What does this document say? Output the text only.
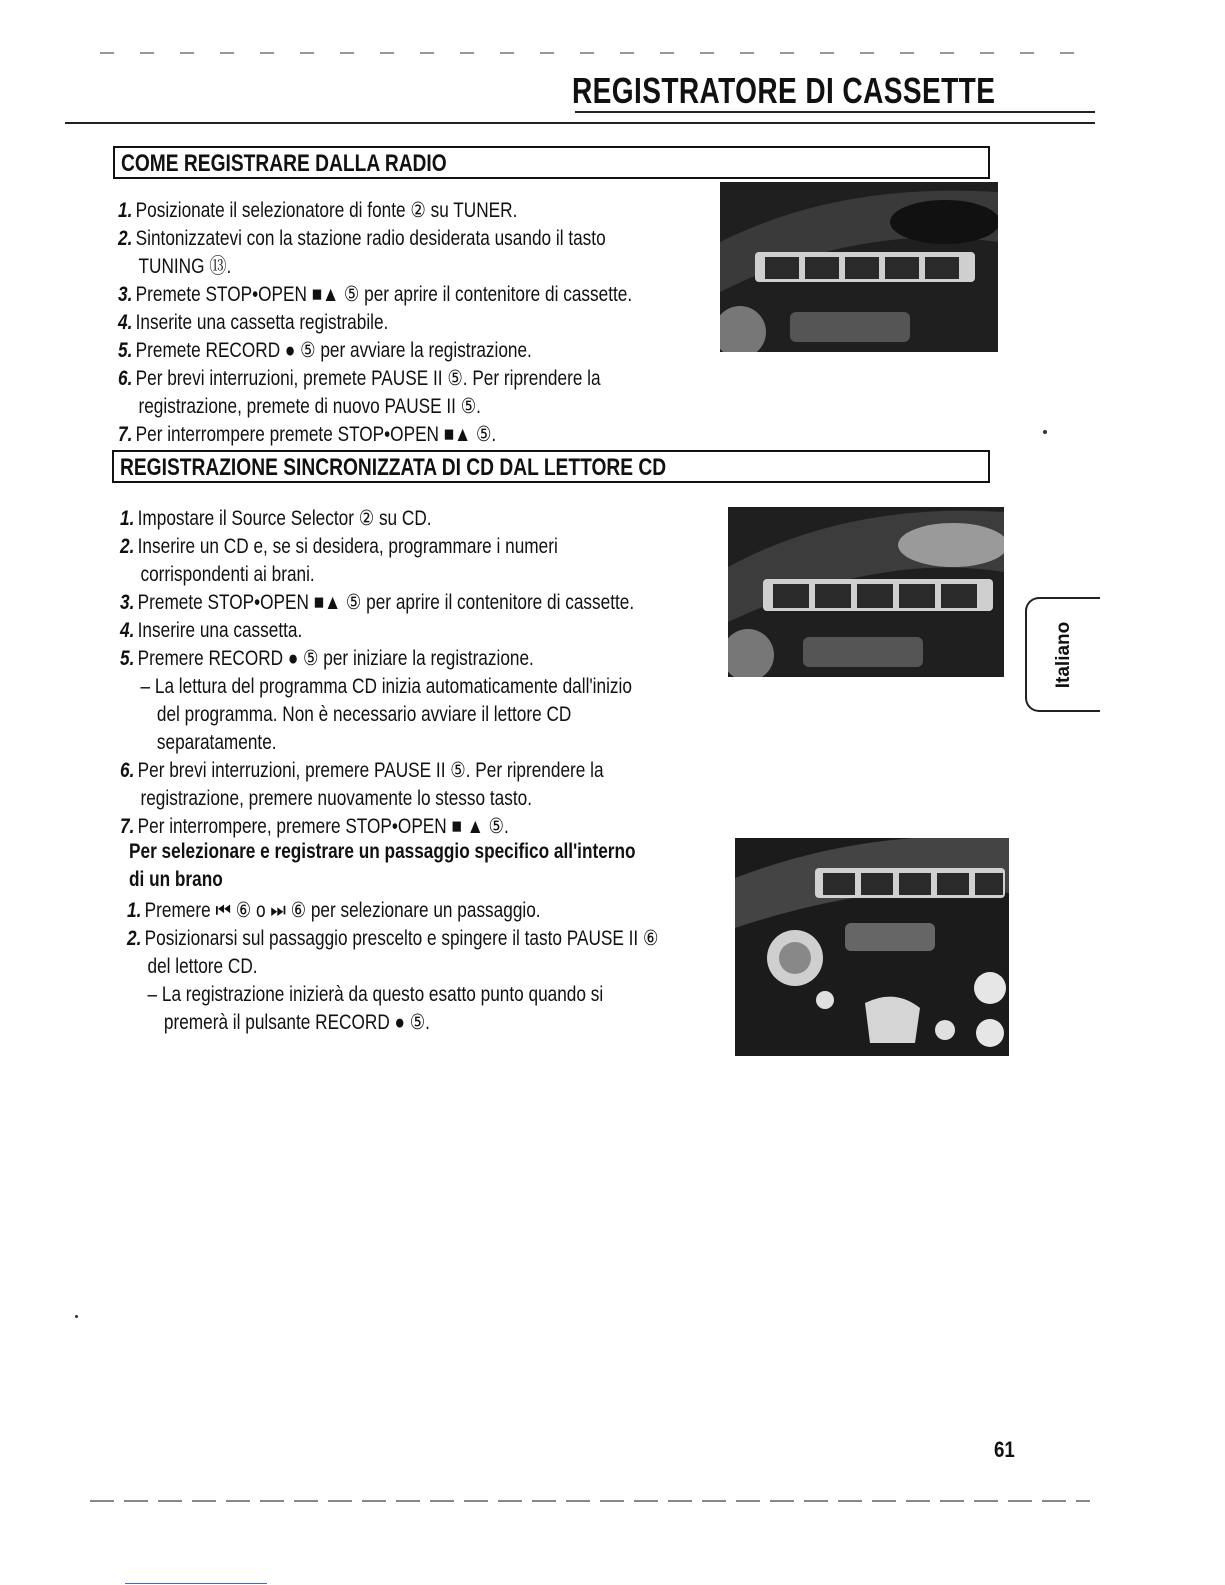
REGISTRATORE DI CASSETTE
COME REGISTRARE DALLA RADIO
1. Posizionate il selezionatore di fonte ② su TUNER.
2. Sintonizzatevi con la stazione radio desiderata usando il tasto
TUNING ⑬.
3. Premete STOP•OPEN ■▲ ⑤ per aprire il contenitore di cassette.
4. Inserite una cassetta registrabile.
5. Premete RECORD ● ⑤ per avviare la registrazione.
6. Per brevi interruzioni, premete PAUSE II ⑤. Per riprendere la
registrazione, premete di nuovo PAUSE II ⑤.
7. Per interrompere premete STOP•OPEN ■▲ ⑤.
REGISTRAZIONE SINCRONIZZATA DI CD DAL LETTORE CD
1. Impostare il Source Selector ② su CD.
2. Inserire un CD e, se si desidera, programmare i numeri
corrispondenti ai brani.
3. Premete STOP•OPEN ■▲ ⑤ per aprire il contenitore di cassette.
4. Inserire una cassetta.
5. Premere RECORD ● ⑤ per iniziare la registrazione.
– La lettura del programma CD inizia automaticamente dall'inizio
del programma. Non è necessario avviare il lettore CD
separatamente.
6. Per brevi interruzioni, premere PAUSE II ⑤. Per riprendere la
registrazione, premere nuovamente lo stesso tasto.
7. Per interrompere, premere STOP•OPEN ■ ▲ ⑤.
Per selezionare e registrare un passaggio specifico all'interno
di un brano
1. Premere ⏮ ⑥ o ⏭ ⑥ per selezionare un passaggio.
2. Posizionarsi sul passaggio prescelto e spingere il tasto PAUSE II ⑥
del lettore CD.
– La registrazione inizierà da questo esatto punto quando si
premerà il pulsante RECORD ● ⑤.
Italiano
61
